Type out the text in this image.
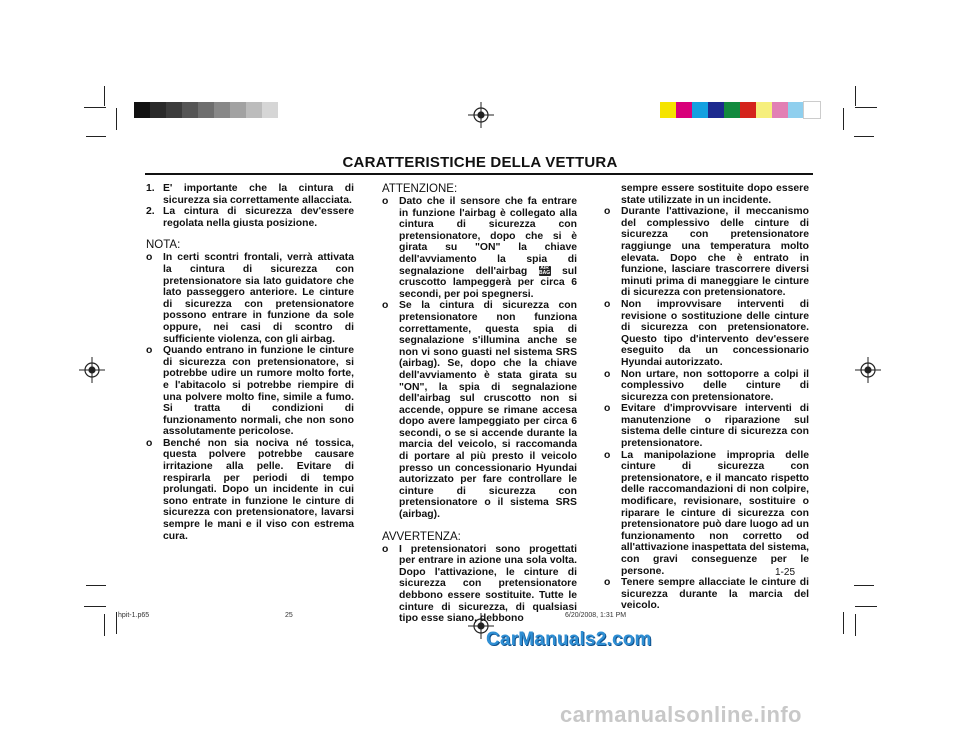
CARATTERISTICHE DELLA VETTURA
1. E' importante che la cintura di sicurezza sia correttamente allacciata.
2. La cintura di sicurezza dev'essere regolata nella giusta posizione.

NOTA:

o	In certi scontri frontali, verrà attivata la cintura di sicurezza con pretensionatore sia lato guidatore che lato passeggero anteriore. Le cinture di sicurezza con pretensionatore possono entrare in funzione da sole oppure, nei casi di scontro di sufficiente violenza, con gli airbag.
o	Quando entrano in funzione le cinture di sicurezza con pretensionatore, si potrebbe udire un rumore molto forte, e l'abitacolo si potrebbe riempire di una polvere molto fine, simile a fumo. Si tratta di condizioni di funzionamento normali, che non sono assolutamente pericolose.
o	Benché non sia nociva né tossica, questa polvere potrebbe causare irritazione alla pelle. Evitare di respirarla per periodi di tempo prolungati. Dopo un incidente in cui sono entrate in funzione le cinture di sicurezza con pretensionatore, lavarsi sempre le mani e il viso con estrema cura.

ATTENZIONE:

o	Dato che il sensore che fa entrare in funzione l'airbag è collegato alla cintura di sicurezza con pretensionatore, dopo che si è girata su "ON" la chiave dell'avviamento la spia di segnalazione dell'airbag	AIR BAG sul cruscotto lampeggerà per circa 6 secondi, per poi spegnersi.
o	Se la cintura di sicurezza con pretensionatore non funziona correttamente, questa spia di segnalazione s'illumina anche se non vi sono guasti nel sistema SRS (airbag). Se, dopo che la chiave dell'avviamento è stata girata su "ON", la spia di segnalazione dell'airbag sul cruscotto non si accende, oppure se rimane accesa dopo avere lampeggiato per circa 6 secondi, o se si accende durante la marcia del veicolo, si raccomanda di portare al più presto il veicolo presso un concessionario Hyundai autorizzato per fare controllare le cinture di sicurezza con pretensionatore o il sistema SRS (airbag).

AVVERTENZA:

o	I pretensionatori sono progettati per entrare in azione una sola volta. Dopo l'attivazione, le cinture di sicurezza con pretensionatore debbono essere sostituite. Tutte le cinture di sicurezza, di qualsiasi tipo esse siano, debbono

sempre essere sostituite dopo essere state utilizzate in un incidente.

o	Durante l'attivazione, il meccanismo del complessivo delle cinture di sicurezza con pretensionatore raggiunge una temperatura molto elevata. Dopo che è entrato in funzione, lasciare trascorrere diversi minuti prima di maneggiare le cinture di sicurezza con pretensionatore.
o	Non improvvisare interventi di revisione o sostituzione delle cinture di sicurezza con pretensionatore. Questo tipo d'intervento dev'essere eseguito da un concessionario Hyundai autorizzato.
o	Non urtare, non sottoporre a colpi il complessivo delle cinture di sicurezza con pretensionatore.
o	Evitare d'improvvisare interventi di manutenzione o riparazione sul sistema delle cinture di sicurezza con pretensionatore.
o	La manipolazione impropria delle cinture di sicurezza con pretensionatore, e il mancato rispetto delle raccomandazioni di non colpire, modificare, revisionare, sostituire o riparare le cinture di sicurezza con pretensionatore può dare luogo ad un funzionamento non corretto od all'attivazione inaspettata del sistema, con gravi conseguenze per le persone.
o	Tenere sempre allacciate le cinture di sicurezza durante la marcia del veicolo.
1-25
hpit-1.p65	25	6/20/2008, 1:31 PM
CarManuals2.com
carmanualsonline.info
